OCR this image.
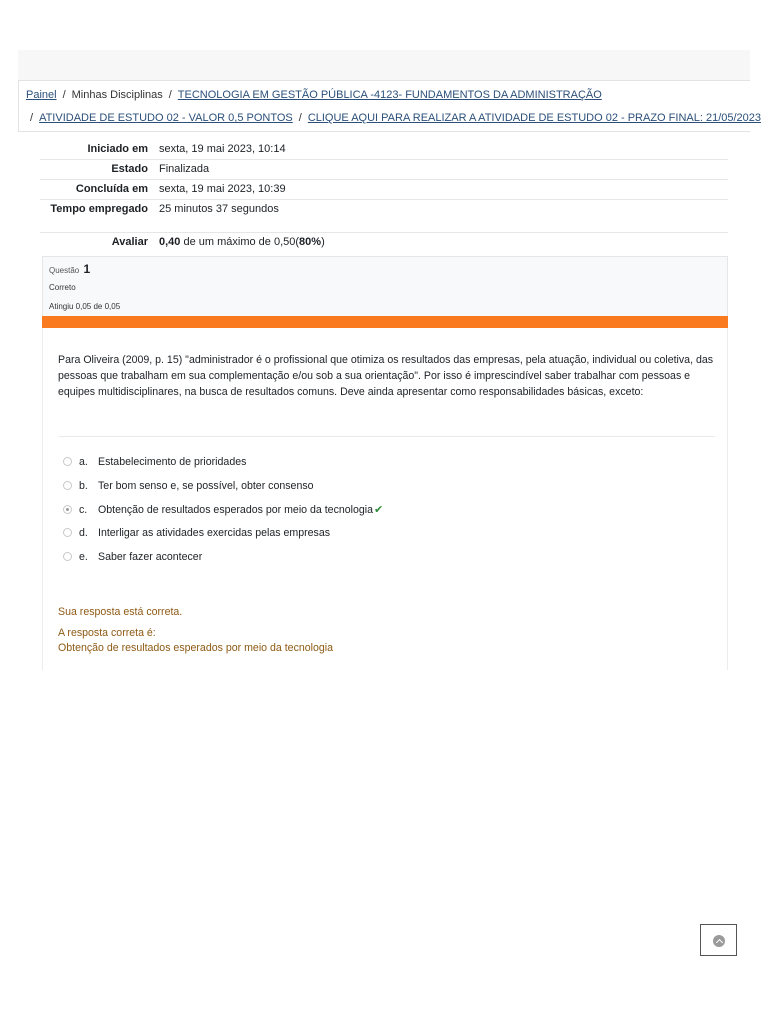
Painel / Minhas Disciplinas / TECNOLOGIA EM GESTÃO PÚBLICA -4123- FUNDAMENTOS DA ADMINISTRAÇÃO
/ ATIVIDADE DE ESTUDO 02 - VALOR 0,5 PONTOS / CLIQUE AQUI PARA REALIZAR A ATIVIDADE DE ESTUDO 02 - PRAZO FINAL: 21/05/2023
Iniciado em	sexta, 19 mai 2023, 10:14
Estado	Finalizada
Concluída em	sexta, 19 mai 2023, 10:39
Tempo empregado	25 minutos 37 segundos
Avaliar	0,40 de um máximo de 0,50(80%)
Questão 1
Correto
Atingiu 0,05 de 0,05
Para Oliveira (2009, p. 15) "administrador é o profissional que otimiza os resultados das empresas, pela atuação, individual ou coletiva, das pessoas que trabalham em sua complementação e/ou sob a sua orientação". Por isso é imprescindível saber trabalhar com pessoas e equipes multidisciplinares, na busca de resultados comuns. Deve ainda apresentar como responsabilidades básicas, exceto:
a. Estabelecimento de prioridades
b. Ter bom senso e, se possível, obter consenso
c. Obtenção de resultados esperados por meio da tecnologia✔
d. Interligar as atividades exercidas pelas empresas
e. Saber fazer acontecer
Sua resposta está correta.
A resposta correta é:
Obtenção de resultados esperados por meio da tecnologia
